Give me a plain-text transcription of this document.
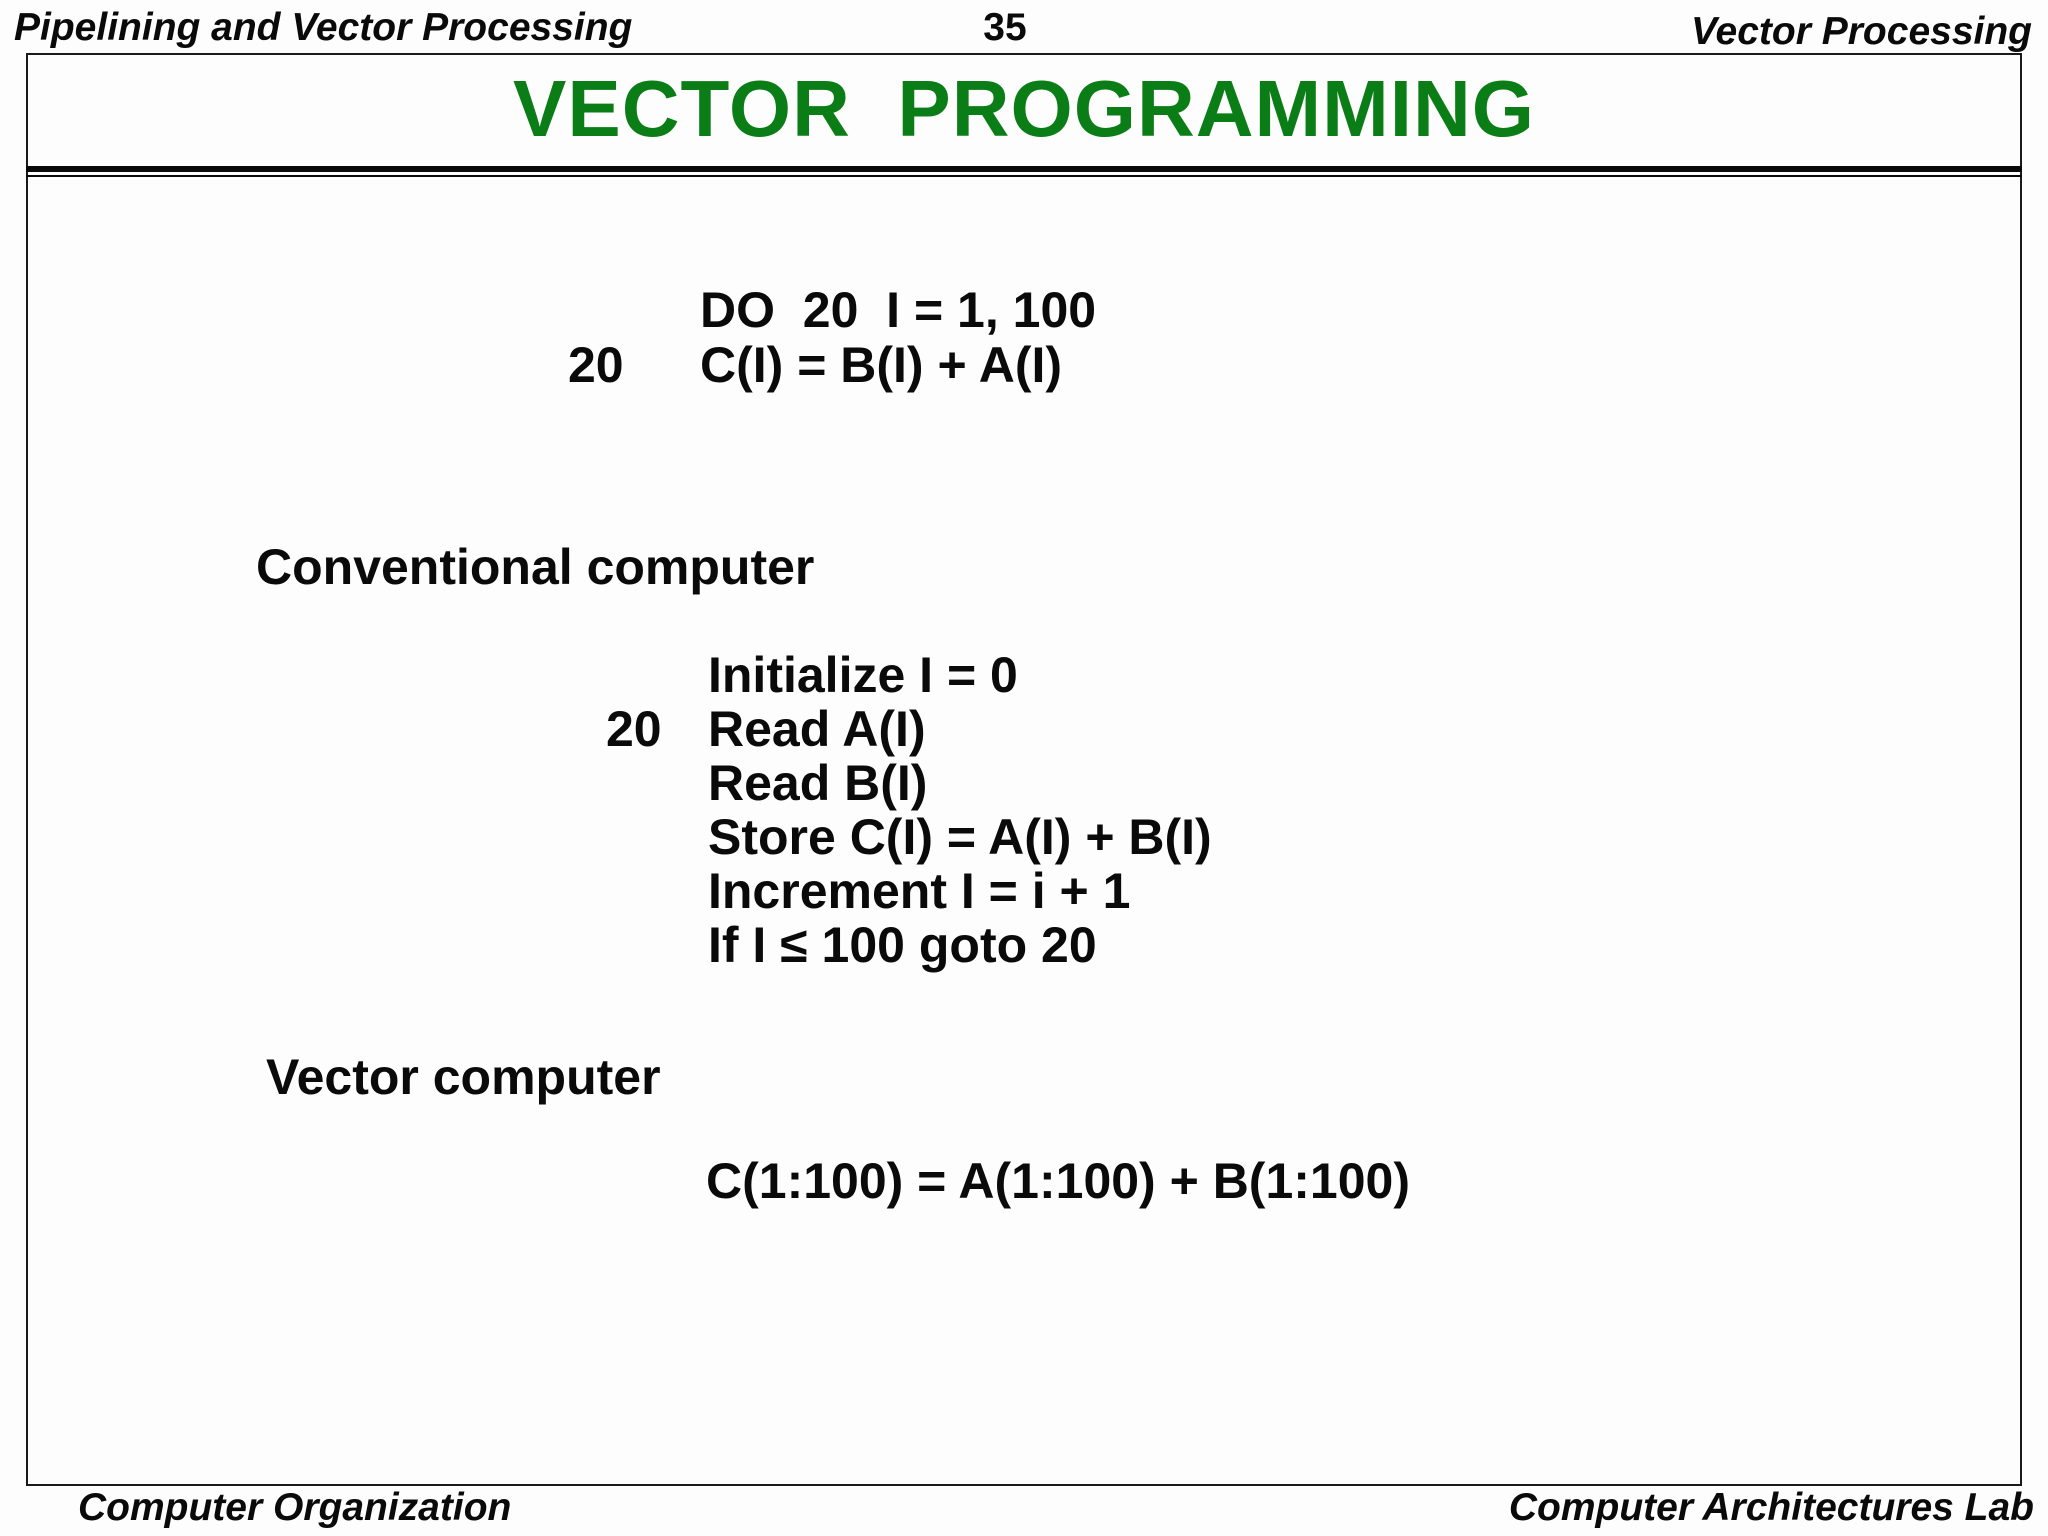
Pipelining and Vector Processing	35	Vector Processing
VECTOR  PROGRAMMING
DO  20  I = 1, 100
20 C(I) = B(I) + A(I)
Conventional computer
20
Initialize I = 0
Read A(I)
Read B(I)
Store C(I) = A(I) + B(I)
Increment I = i + 1
If I ≤ 100 goto 20
Vector computer
C(1:100) = A(1:100) + B(1:100)
Computer Organization	Computer Architectures Lab
